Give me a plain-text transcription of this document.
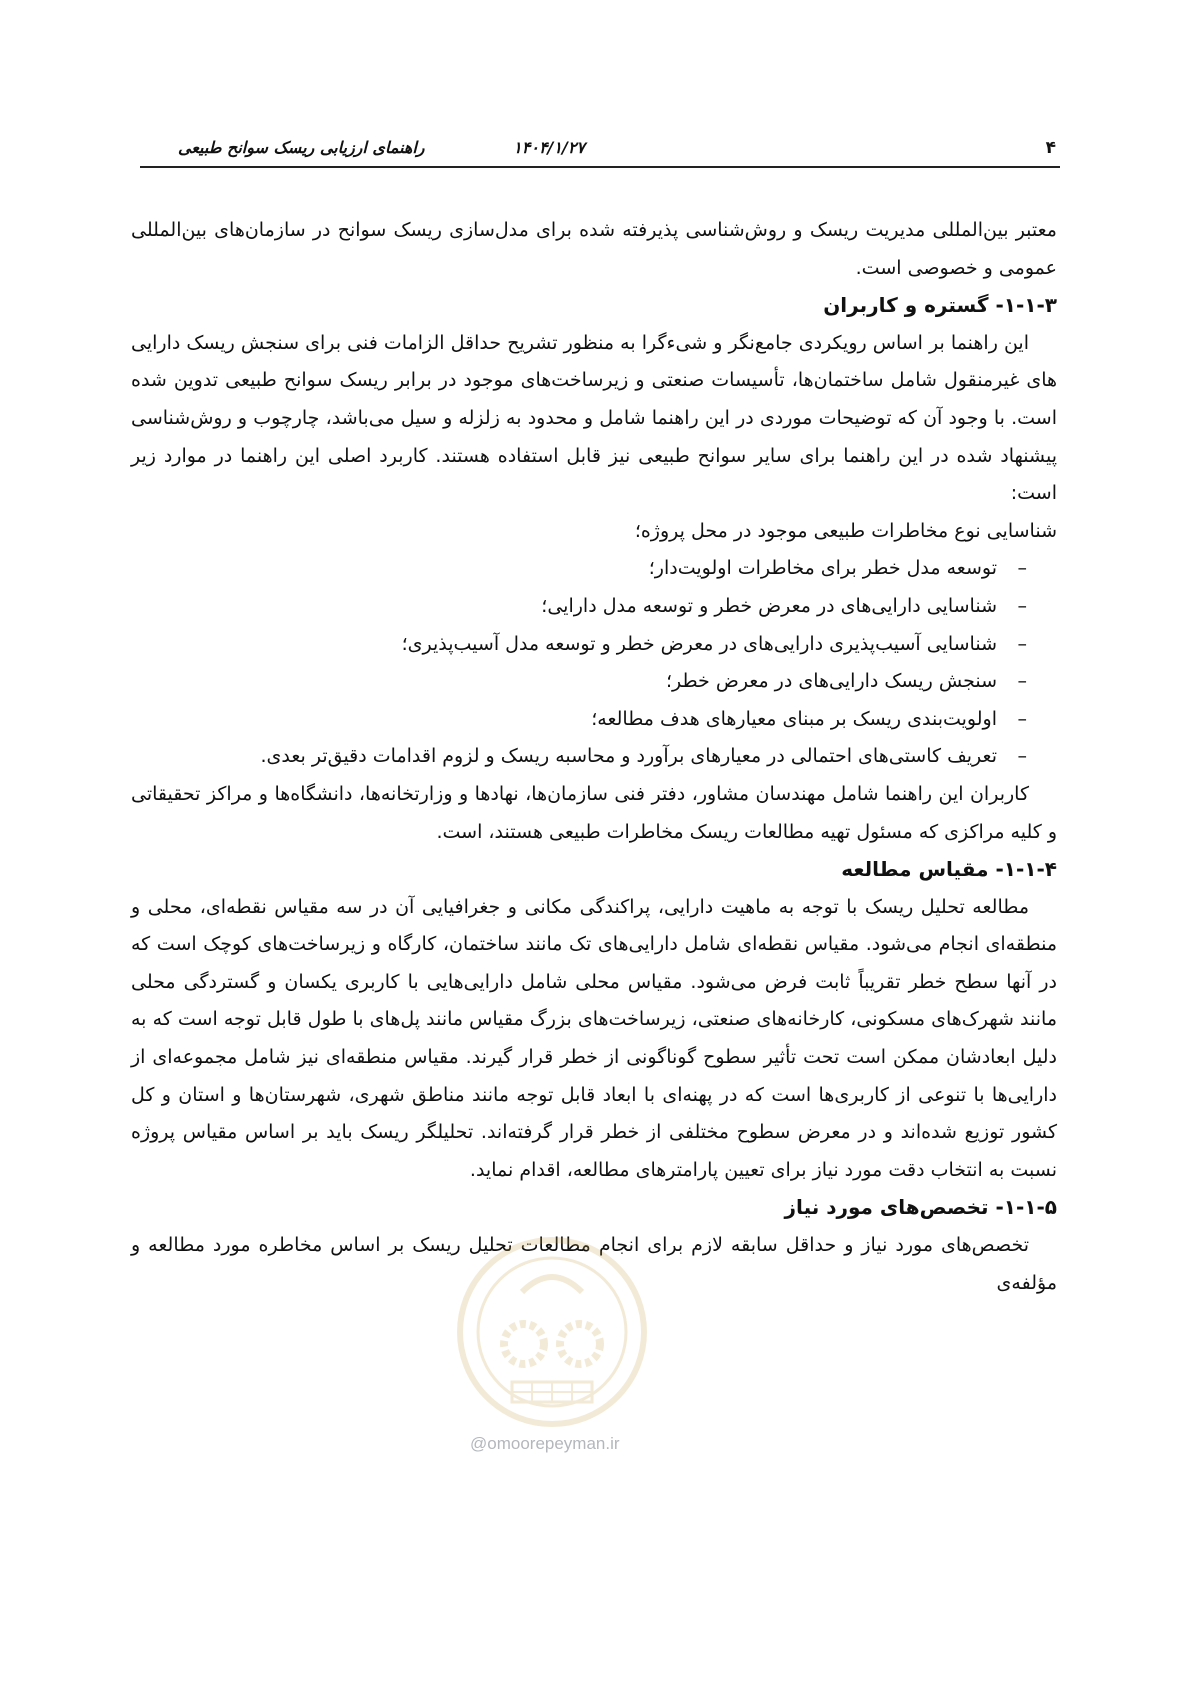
۴
۱۴۰۴/۱/۲۷
راهنمای ارزیابی ریسک سوانح طبیعی

معتبر بین‌المللی مدیریت ریسک و روش‌شناسی پذیرفته شده برای مدل‌سازی ریسک سوانح در سازمان‌های بین‌المللی عمومی و خصوصی است.

۱-۱-۳- گستره و کاربران

این راهنما بر اساس رویکردی جامع‌نگر و شیءگرا به منظور تشریح حداقل الزامات فنی برای سنجش ریسک دارایی های غیرمنقول شامل ساختمان‌ها، تأسیسات صنعتی و زیرساخت‌های موجود در برابر ریسک سوانح طبیعی تدوین شده است. با وجود آن که توضیحات موردی در این راهنما شامل و محدود به زلزله و سیل می‌باشد، چارچوب و روش‌شناسی پیشنهاد شده در این راهنما برای سایر سوانح طبیعی نیز قابل استفاده هستند. کاربرد اصلی این راهنما در موارد زیر است:

شناسایی نوع مخاطرات طبیعی موجود در محل پروژه؛

–
توسعه مدل خطر برای مخاطرات اولویت‌دار؛
–
شناسایی دارایی‌های در معرض خطر و توسعه مدل دارایی؛
–
شناسایی آسیب‌پذیری دارایی‌های در معرض خطر و توسعه مدل آسیب‌پذیری؛
–
سنجش ریسک دارایی‌های در معرض خطر؛
–
اولویت‌بندی ریسک بر مبنای معیارهای هدف مطالعه؛
–
تعریف کاستی‌های احتمالی در معیارهای برآورد و محاسبه ریسک و لزوم اقدامات دقیق‌تر بعدی.

کاربران این راهنما شامل مهندسان مشاور، دفتر فنی سازمان‌ها، نهادها و وزارتخانه‌ها، دانشگاه‌ها و مراکز تحقیقاتی و کلیه مراکزی که مسئول تهیه مطالعات ریسک مخاطرات طبیعی هستند، است.

۱-۱-۴- مقیاس مطالعه

مطالعه تحلیل ریسک با توجه به ماهیت دارایی، پراکندگی مکانی و جغرافیایی آن در سه مقیاس نقطه‌ای، محلی و منطقه‌ای انجام می‌شود. مقیاس نقطه‌ای شامل دارایی‌های تک مانند ساختمان، کارگاه و زیرساخت‌های کوچک است که در آنها سطح خطر تقریباً ثابت فرض می‌شود. مقیاس محلی شامل دارایی‌هایی با کاربری یکسان و گستردگی محلی مانند شهرک‌های مسکونی، کارخانه‌های صنعتی، زیرساخت‌های بزرگ مقیاس مانند پل‌های با طول قابل توجه است که به دلیل ابعادشان ممکن است تحت تأثیر سطوح گوناگونی از خطر قرار گیرند. مقیاس منطقه‌ای نیز شامل مجموعه‌ای از دارایی‌ها با تنوعی از کاربری‌ها است که در پهنه‌ای با ابعاد قابل توجه مانند مناطق شهری، شهرستان‌ها و استان و کل کشور توزیع شده‌اند و در معرض سطوح مختلفی از خطر قرار گرفته‌اند. تحلیلگر ریسک باید بر اساس مقیاس پروژه نسبت به انتخاب دقت مورد نیاز برای تعیین پارامترهای مطالعه، اقدام نماید.

۱-۱-۵- تخصص‌های مورد نیاز

تخصص‌های مورد نیاز و حداقل سابقه لازم برای انجام مطالعات تحلیل ریسک بر اساس مخاطره مورد مطالعه و مؤلفه‌ی

@omoorepeyman.ir
